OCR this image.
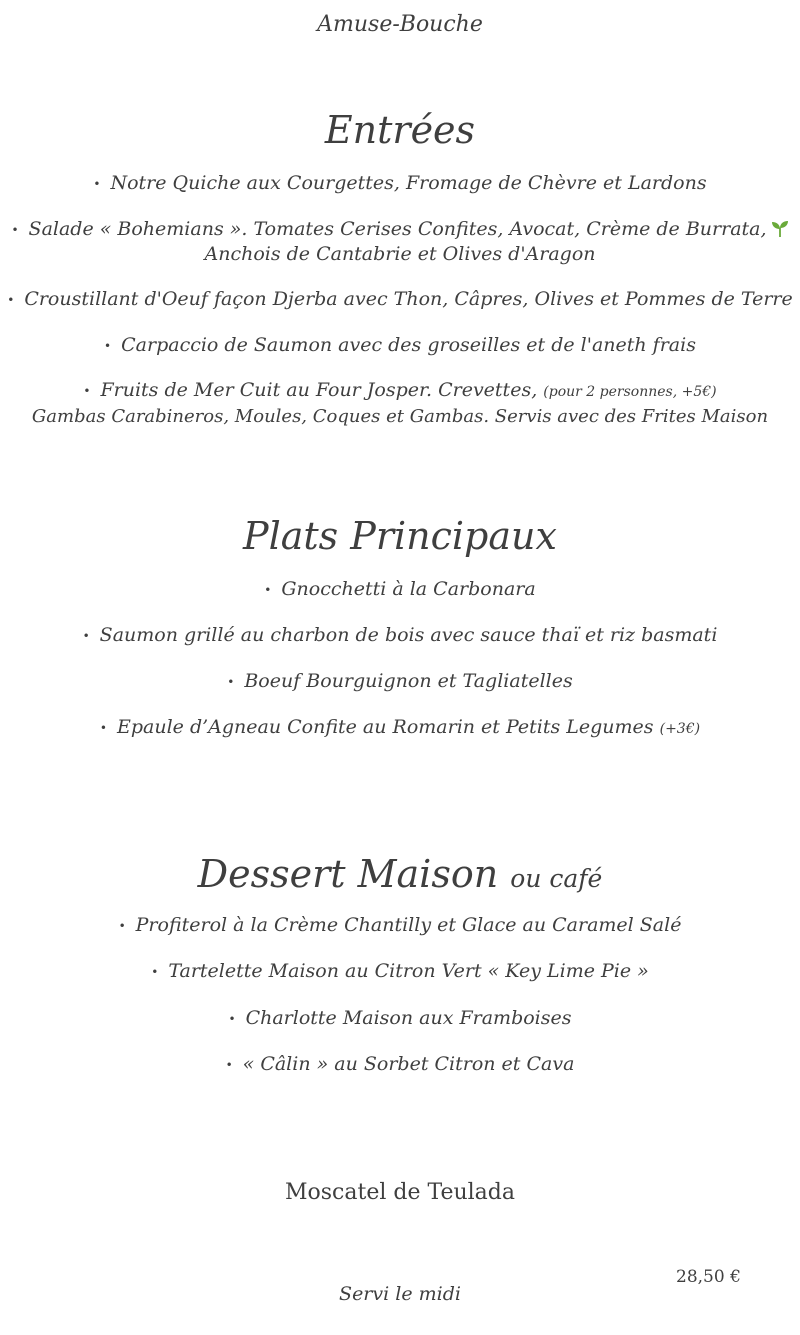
Amuse-Bouche
Entrées
• Notre Quiche aux Courgettes, Fromage de Chèvre et Lardons
• Salade « Bohemians ». Tomates Cerises Confites, Avocat, Crème de Burrata,
Anchois de Cantabrie et Olives d'Aragon
• Croustillant d'Oeuf façon Djerba avec Thon, Câpres, Olives et Pommes de Terre
• Carpaccio de Saumon avec des groseilles et de l'aneth frais
• Fruits de Mer Cuit au Four Josper. Crevettes, (pour 2 personnes, +5€)
Gambas Carabineros, Moules, Coques et Gambas. Servis avec des Frites Maison
Plats Principaux
• Gnocchetti à la Carbonara
• Saumon grillé au charbon de bois avec sauce thaï et riz basmati
• Boeuf Bourguignon et Tagliatelles
• Epaule d’Agneau Confite au Romarin et Petits Legumes (+3€)
Dessert Maison ou café
• Profiterol à la Crème Chantilly et Glace au Caramel Salé
• Tartelette Maison au Citron Vert « Key Lime Pie »
• Charlotte Maison aux Framboises
• « Câlin » au Sorbet Citron et Cava
Moscatel de Teulada
28,50 €
Servi le midi
